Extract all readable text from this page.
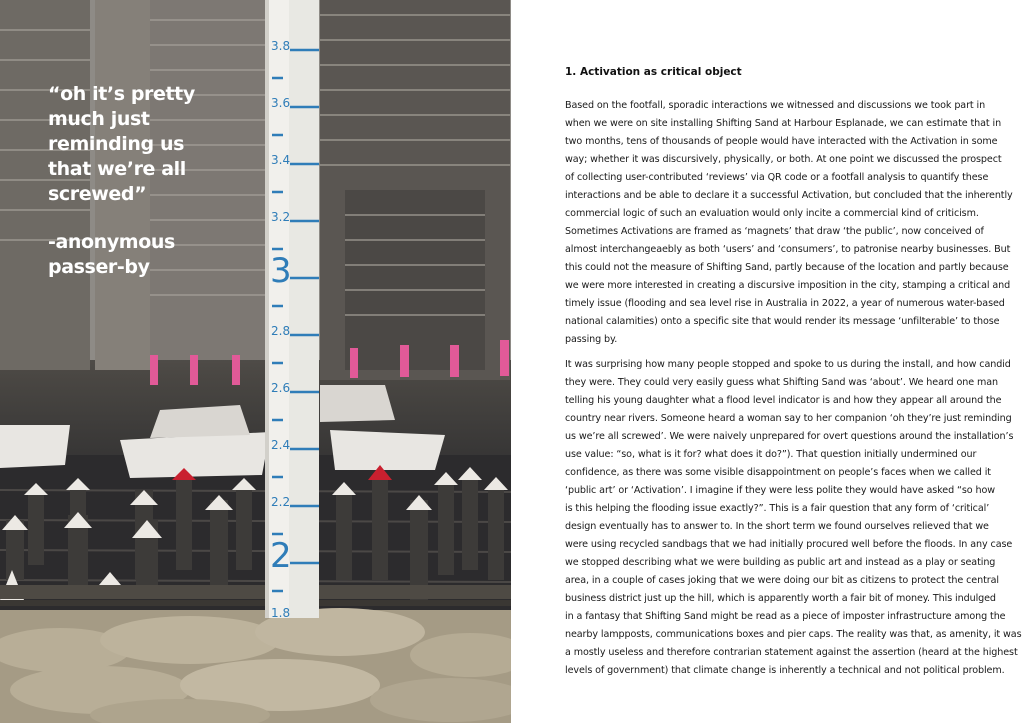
3.8
3.6
3.4
3.2
3
2.8
2.6
2.4
2.2
2
1.8

“oh it’s pretty
much just
reminding us
that we’re all
screwed”

-anonymous
passer-by

1. Activation as critical object

Based on the footfall, sporadic interactions we witnessed and discussions we took part in
when we were on site installing Shifting Sand at Harbour Esplanade, we can estimate that in
two months, tens of thousands of people would have interacted with the Activation in some
way; whether it was discursively, physically, or both. At one point we discussed the prospect
of collecting user-contributed ‘reviews’ via QR code or a footfall analysis to quantify these
interactions and be able to declare it a successful Activation, but concluded that the inherently
commercial logic of such an evaluation would only incite a commercial kind of criticism.
Sometimes Activations are framed as ‘magnets’ that draw ‘the public’, now conceived of
almost interchangeaebly as both ‘users’ and ‘consumers’, to patronise nearby businesses. But
this could not the measure of Shifting Sand, partly because of the location and partly because
we were more interested in creating a discursive imposition in the city, stamping a critical and
timely issue (flooding and sea level rise in Australia in 2022, a year of numerous water-based
national calamities) onto a specific site that would render its message ‘unfilterable’ to those
passing by.

It was surprising how many people stopped and spoke to us during the install, and how candid
they were. They could very easily guess what Shifting Sand was ‘about’. We heard one man
telling his young daughter what a flood level indicator is and how they appear all around the
country near rivers. Someone heard a woman say to her companion ‘oh they’re just reminding
us we’re all screwed’. We were naively unprepared for overt questions around the installation’s
use value: “so, what is it for? what does it do?”). That question initially undermined our
confidence, as there was some visible disappointment on people’s faces when we called it
‘public art’ or ‘Activation’. I imagine if they were less polite they would have asked “so how
is this helping the flooding issue exactly?”. This is a fair question that any form of ‘critical’
design eventually has to answer to. In the short term we found ourselves relieved that we
were using recycled sandbags that we had initially procured well before the floods. In any case
we stopped describing what we were building as public art and instead as a play or seating
area, in a couple of cases joking that we were doing our bit as citizens to protect the central
business district just up the hill, which is apparently worth a fair bit of money. This indulged
in a fantasy that Shifting Sand might be read as a piece of imposter infrastructure among the
nearby lampposts, communications boxes and pier caps. The reality was that, as amenity, it was
a mostly useless and therefore contrarian statement against the assertion (heard at the highest
levels of government) that climate change is inherently a technical and not political problem.
